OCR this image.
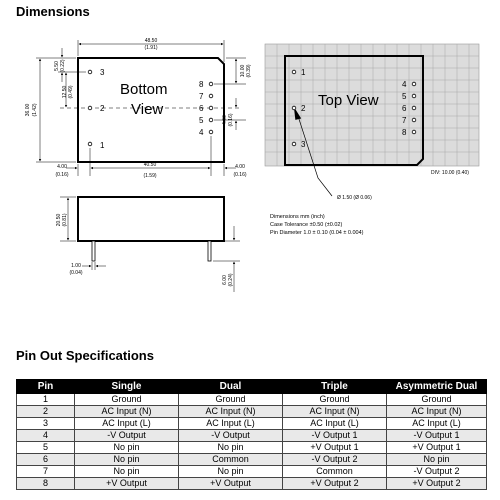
Dimensions
Bottom
View
3
2
1
8
7
6
5
4
48.50
(1.91)
36.00 (1.42)
5.50 (0.22)
12.50 (0.49)
10.00 (0.39)
4.00 (0.16)
40.50
(1.59)
4.00
(0.16)
4.00
(0.16)
Top View
1
2
3
4
5
6
7
8
Ø 1.50 (Ø 0.06)
DIV: 10.00 (0.40)
20.50 (0.81)
1.00
(0.04)
6.00 (0.24)
Dimensions mm (inch)
Case Tolerance ±0.50 (±0.02)
Pin Diameter 1.0 ± 0.10 (0.04 ± 0.004)
Pin Out Specifications
Pin	Single	Dual	Triple	Asymmetric Dual
1	Ground	Ground	Ground	Ground
2	AC Input (N)	AC Input (N)	AC Input (N)	AC Input (N)
3	AC Input (L)	AC Input (L)	AC Input (L)	AC Input (L)
4	-V Output	-V Output	-V Output 1	-V Output 1
5	No pin	No pin	+V Output 1	+V Output 1
6	No pin	Common	-V Output 2	No pin
7	No pin	No pin	Common	-V Output 2
8	+V Output	+V Output	+V Output 2	+V Output 2
